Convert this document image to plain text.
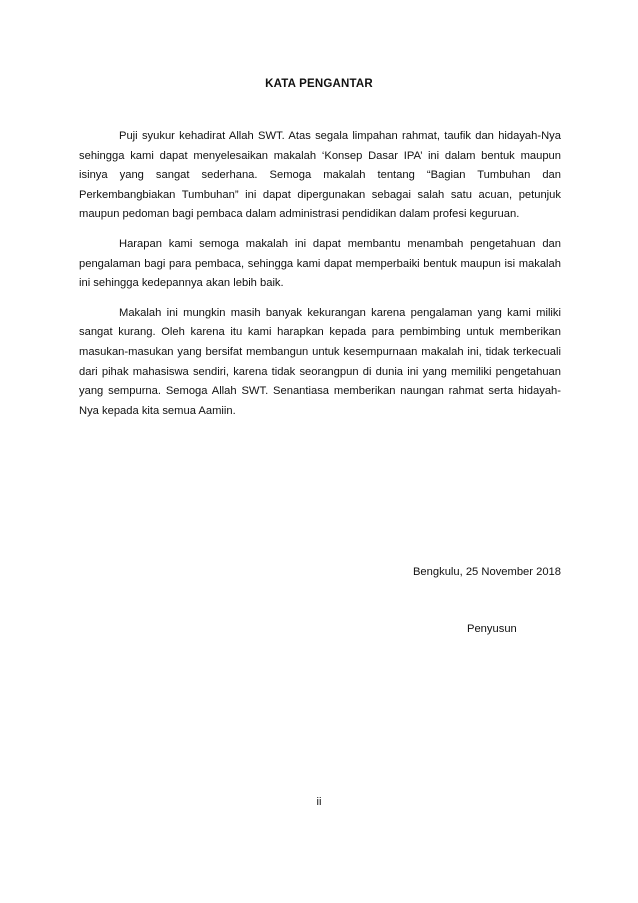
KATA PENGANTAR

Puji syukur kehadirat Allah SWT. Atas segala limpahan rahmat, taufik dan hidayah-Nya sehingga kami dapat menyelesaikan makalah ‘Konsep Dasar IPA’ ini dalam bentuk maupun isinya yang sangat sederhana. Semoga makalah tentang “Bagian Tumbuhan dan Perkembangbiakan Tumbuhan” ini dapat dipergunakan sebagai salah satu acuan, petunjuk maupun pedoman bagi pembaca dalam administrasi pendidikan dalam profesi keguruan.

Harapan kami semoga makalah ini dapat membantu menambah pengetahuan dan pengalaman bagi para pembaca, sehingga kami dapat memperbaiki bentuk maupun isi makalah ini sehingga kedepannya akan lebih baik.

Makalah ini mungkin masih banyak kekurangan karena pengalaman yang kami miliki sangat kurang. Oleh karena itu kami harapkan kepada para pembimbing untuk memberikan masukan-masukan yang bersifat membangun untuk kesempurnaan makalah ini, tidak terkecuali dari pihak mahasiswa sendiri, karena tidak seorangpun di dunia ini yang memiliki pengetahuan yang sempurna. Semoga Allah SWT. Senantiasa memberikan naungan rahmat serta hidayah-Nya kepada kita semua Aamiin.

Bengkulu, 25 November 2018
Penyusun
ii
